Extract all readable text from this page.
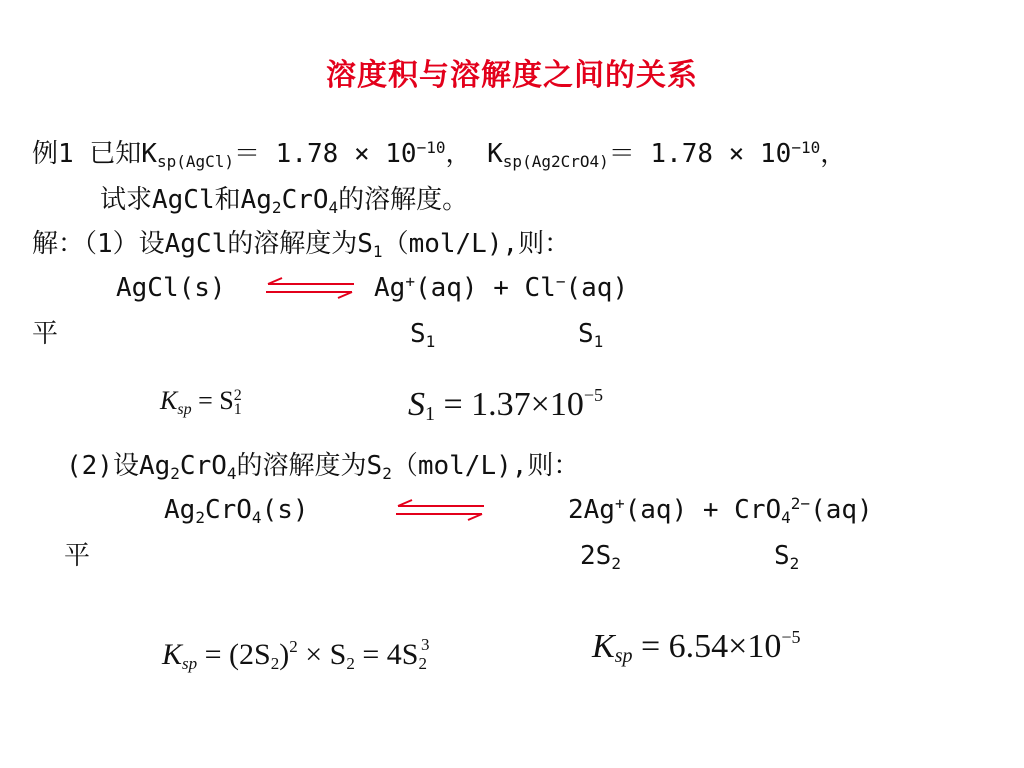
溶度积与溶解度之间的关系
例1 已知$K_{sp(AgCl)}= 1.78 \times 10^{-10}$， $K_{sp(Ag2CrO4)}= 1.78 \times 10^{-10}$，
试求AgCl和$Ag_2CrO_4$的溶解度。
解：（1）设AgCl的溶解度为$S_1(mol/L)$,则：
AgCl(s)	Ag+(aq) + Cl−(aq)
平	$S_1$	$S_1$
$K_{sp} = S^2_1$	$S_1 = 1.37\times 10^{-5}$
(2)设$Ag_2CrO_4$的溶解度为$S_2(mol/L)$,则：
$Ag_2CrO_4(s)$	2Ag+(aq) + CrO$_4^{2-}$(aq)
平	$2S_2$	$S_2$
$K_{sp} = (2S_2)^2 \times S_2 = 4S_2^3$	$K_{sp} = 6.54\times 10^{-5}$
